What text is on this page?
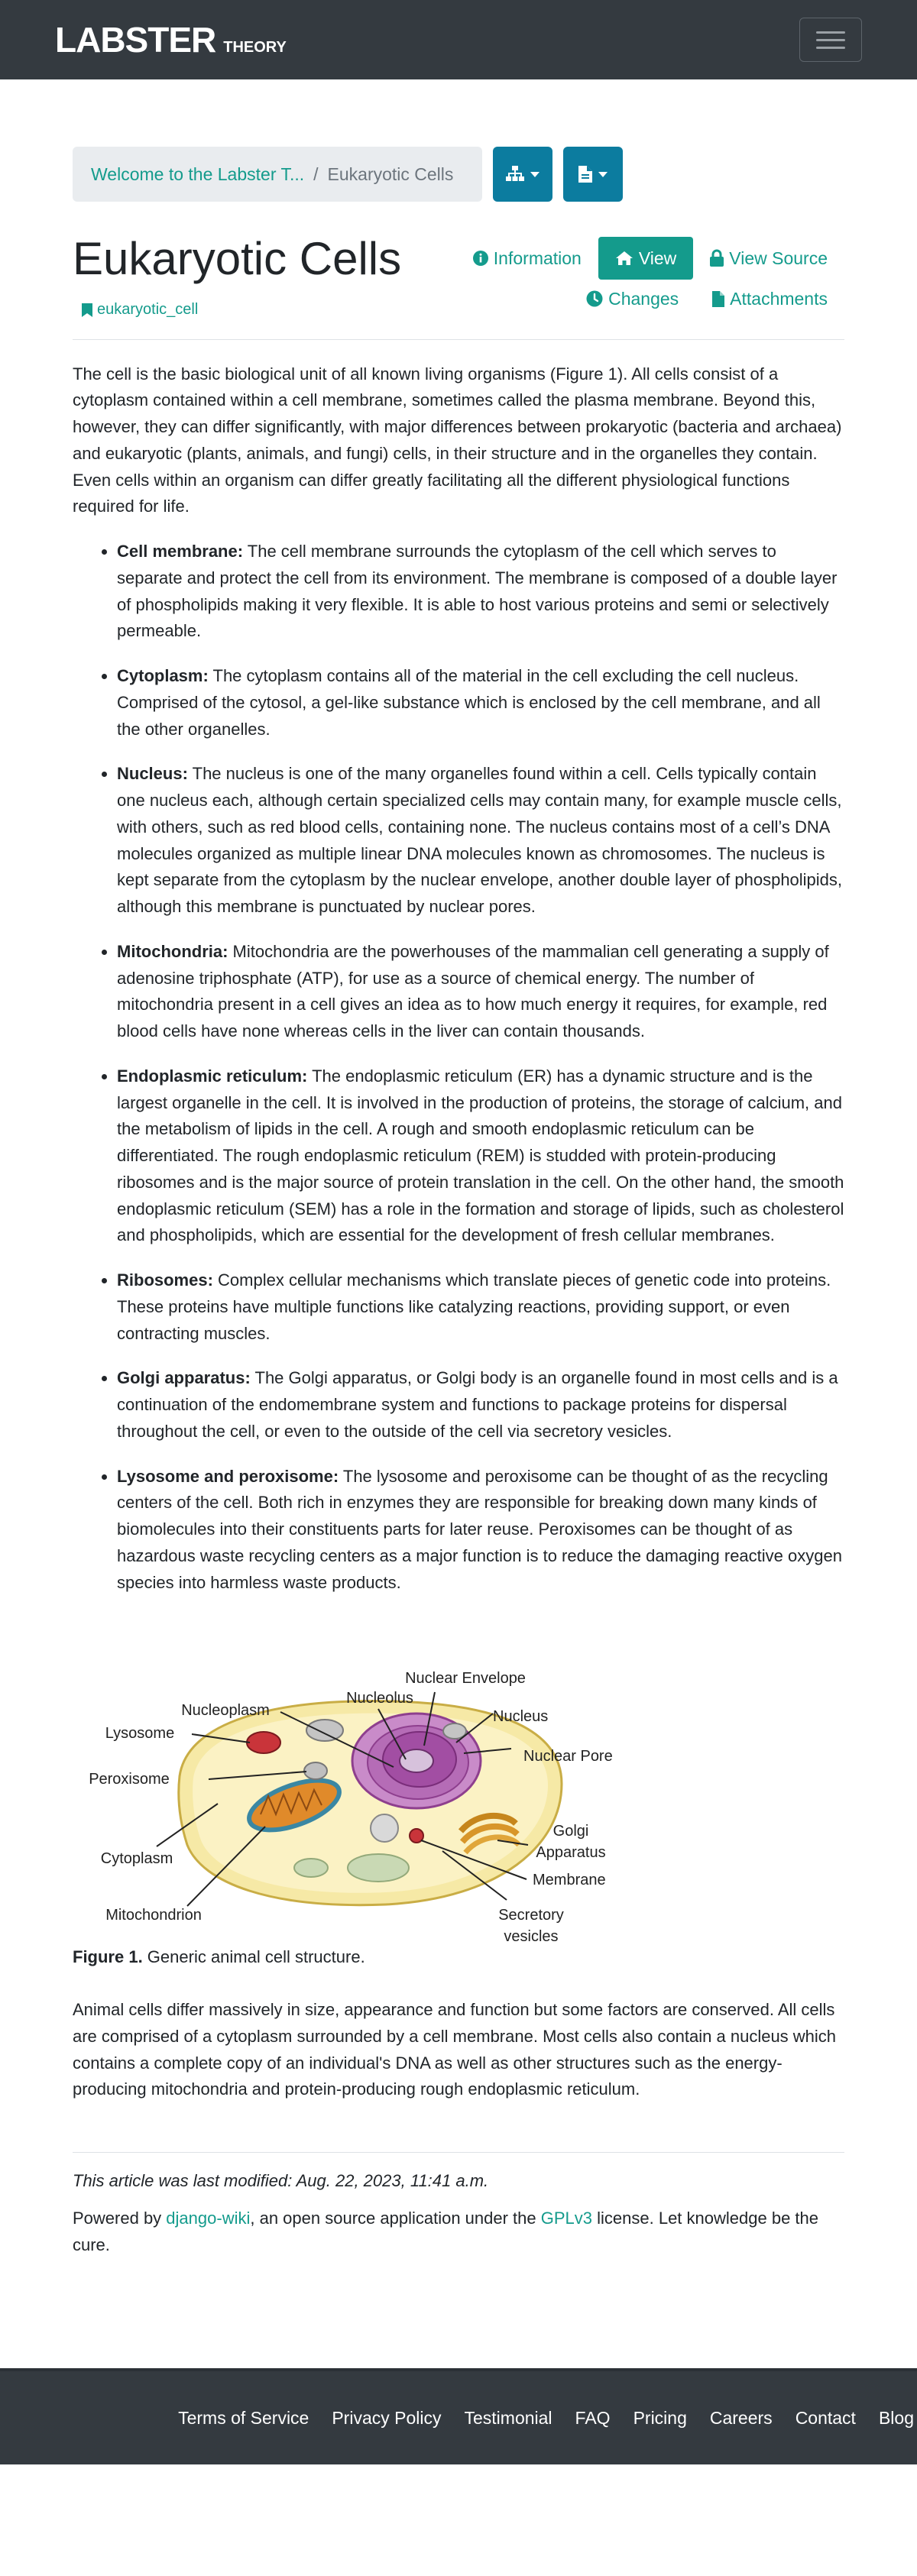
LABSTER THEORY
Welcome to the Labster T... / Eukaryotic Cells
Eukaryotic Cells
eukaryotic_cell
Information	View	View Source
Changes	Attachments

The cell is the basic biological unit of all known living organisms (Figure 1). All cells consist of a cytoplasm contained within a cell membrane, sometimes called the plasma membrane. Beyond this, however, they can differ significantly, with major differences between prokaryotic (bacteria and archaea) and eukaryotic (plants, animals, and fungi) cells, in their structure and in the organelles they contain. Even cells within an organism can differ greatly facilitating all the different physiological functions required for life.

• Cell membrane: The cell membrane surrounds the cytoplasm of the cell which serves to separate and protect the cell from its environment. The membrane is composed of a double layer of phospholipids making it very flexible. It is able to host various proteins and semi or selectively permeable.
• Cytoplasm: The cytoplasm contains all of the material in the cell excluding the cell nucleus. Comprised of the cytosol, a gel-like substance which is enclosed by the cell membrane, and all the other organelles.
• Nucleus: The nucleus is one of the many organelles found within a cell. Cells typically contain one nucleus each, although certain specialized cells may contain many, for example muscle cells, with others, such as red blood cells, containing none. The nucleus contains most of a cell’s DNA molecules organized as multiple linear DNA molecules known as chromosomes. The nucleus is kept separate from the cytoplasm by the nuclear envelope, another double layer of phospholipids, although this membrane is punctuated by nuclear pores.
• Mitochondria: Mitochondria are the powerhouses of the mammalian cell generating a supply of adenosine triphosphate (ATP), for use as a source of chemical energy. The number of mitochondria present in a cell gives an idea as to how much energy it requires, for example, red blood cells have none whereas cells in the liver can contain thousands.
• Endoplasmic reticulum: The endoplasmic reticulum (ER) has a dynamic structure and is the largest organelle in the cell. It is involved in the production of proteins, the storage of calcium, and the metabolism of lipids in the cell. A rough and smooth endoplasmic reticulum can be differentiated. The rough endoplasmic reticulum (REM) is studded with protein-producing ribosomes and is the major source of protein translation in the cell. On the other hand, the smooth endoplasmic reticulum (SEM) has a role in the formation and storage of lipids, such as cholesterol and phospholipids, which are essential for the development of fresh cellular membranes.
• Ribosomes: Complex cellular mechanisms which translate pieces of genetic code into proteins. These proteins have multiple functions like catalyzing reactions, providing support, or even contracting muscles.
• Golgi apparatus: The Golgi apparatus, or Golgi body is an organelle found in most cells and is a continuation of the endomembrane system and functions to package proteins for dispersal throughout the cell, or even to the outside of the cell via secretory vesicles.
• Lysosome and peroxisome: The lysosome and peroxisome can be thought of as the recycling centers of the cell. Both rich in enzymes they are responsible for breaking down many kinds of biomolecules into their constituents parts for later reuse. Peroxisomes can be thought of as hazardous waste recycling centers as a major function is to reduce the damaging reactive oxygen species into harmless waste products.
Nucleolus
Nuclear Envelope
Nucleoplasm	Nucleus
Lysosome
Nuclear Pore
Peroxisome
Golgi
Apparatus
Cytoplasm
Membrane
Mitochondrion	Secretory
vesicles

Figure 1. Generic animal cell structure.

Animal cells differ massively in size, appearance and function but some factors are conserved. All cells are comprised of a cytoplasm surrounded by a cell membrane. Most cells also contain a nucleus which contains a complete copy of an individual's DNA as well as other structures such as the energy-producing mitochondria and protein-producing rough endoplasmic reticulum.

This article was last modified: Aug. 22, 2023, 11:41 a.m.

Powered by django-wiki, an open source application under the GPLv3 license. Let knowledge be the cure.

Terms of Service Privacy Policy Testimonial FAQ Pricing Careers Contact Blog
